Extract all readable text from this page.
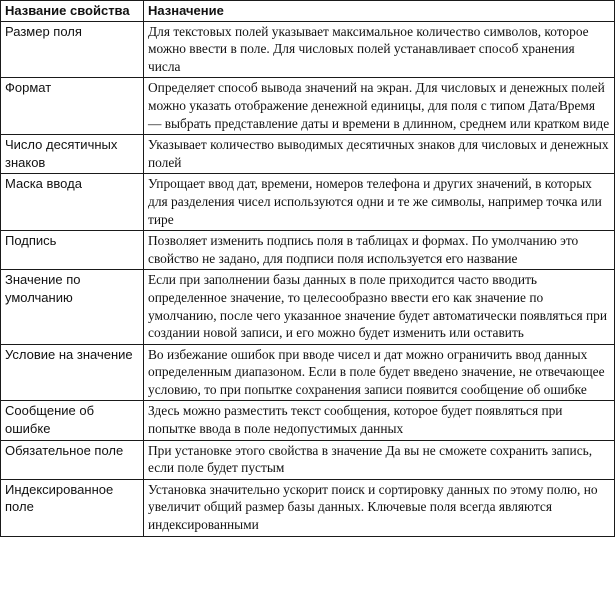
Название свойства	Назначение
Размер поля	Для текстовых полей указывает максимальное количество символов, которое можно ввести в поле. Для числовых полей устанавливает способ хранения числа
Формат	Определяет способ вывода значений на экран. Для числовых и денежных полей можно указать отображение денежной единицы, для поля с типом Дата/Время — выбрать представление даты и времени в длинном, среднем или кратком виде
Число десятичных знаков	Указывает количество выводимых десятичных знаков для числовых и денежных полей
Маска ввода	Упрощает ввод дат, времени, номеров телефона и других значений, в которых для разделения чисел используются одни и те же символы, например точка или тире
Подпись	Позволяет изменить подпись поля в таблицах и формах. По умолчанию это свойство не задано, для подписи поля используется его название
Значение по умолчанию	Если при заполнении базы данных в поле приходится часто вводить определенное значение, то целесообразно ввести его как значение по умолчанию, после чего указанное значение будет автоматически появляться при создании новой записи, и его можно будет изменить или оставить
Условие на значение	Во избежание ошибок при вводе чисел и дат можно ограничить ввод данных определенным диапазоном. Если в поле будет введено значение, не отвечающее условию, то при попытке сохранения записи появится сообщение об ошибке
Сообщение об ошибке	Здесь можно разместить текст сообщения, которое будет появляться при попытке ввода в поле недопустимых данных
Обязательное поле	При установке этого свойства в значение Да вы не сможете сохранить запись, если поле будет пустым
Индексированное поле	Установка значительно ускорит поиск и сортировку данных по этому полю, но увеличит общий размер базы данных. Ключевые поля всегда являются индексированными
